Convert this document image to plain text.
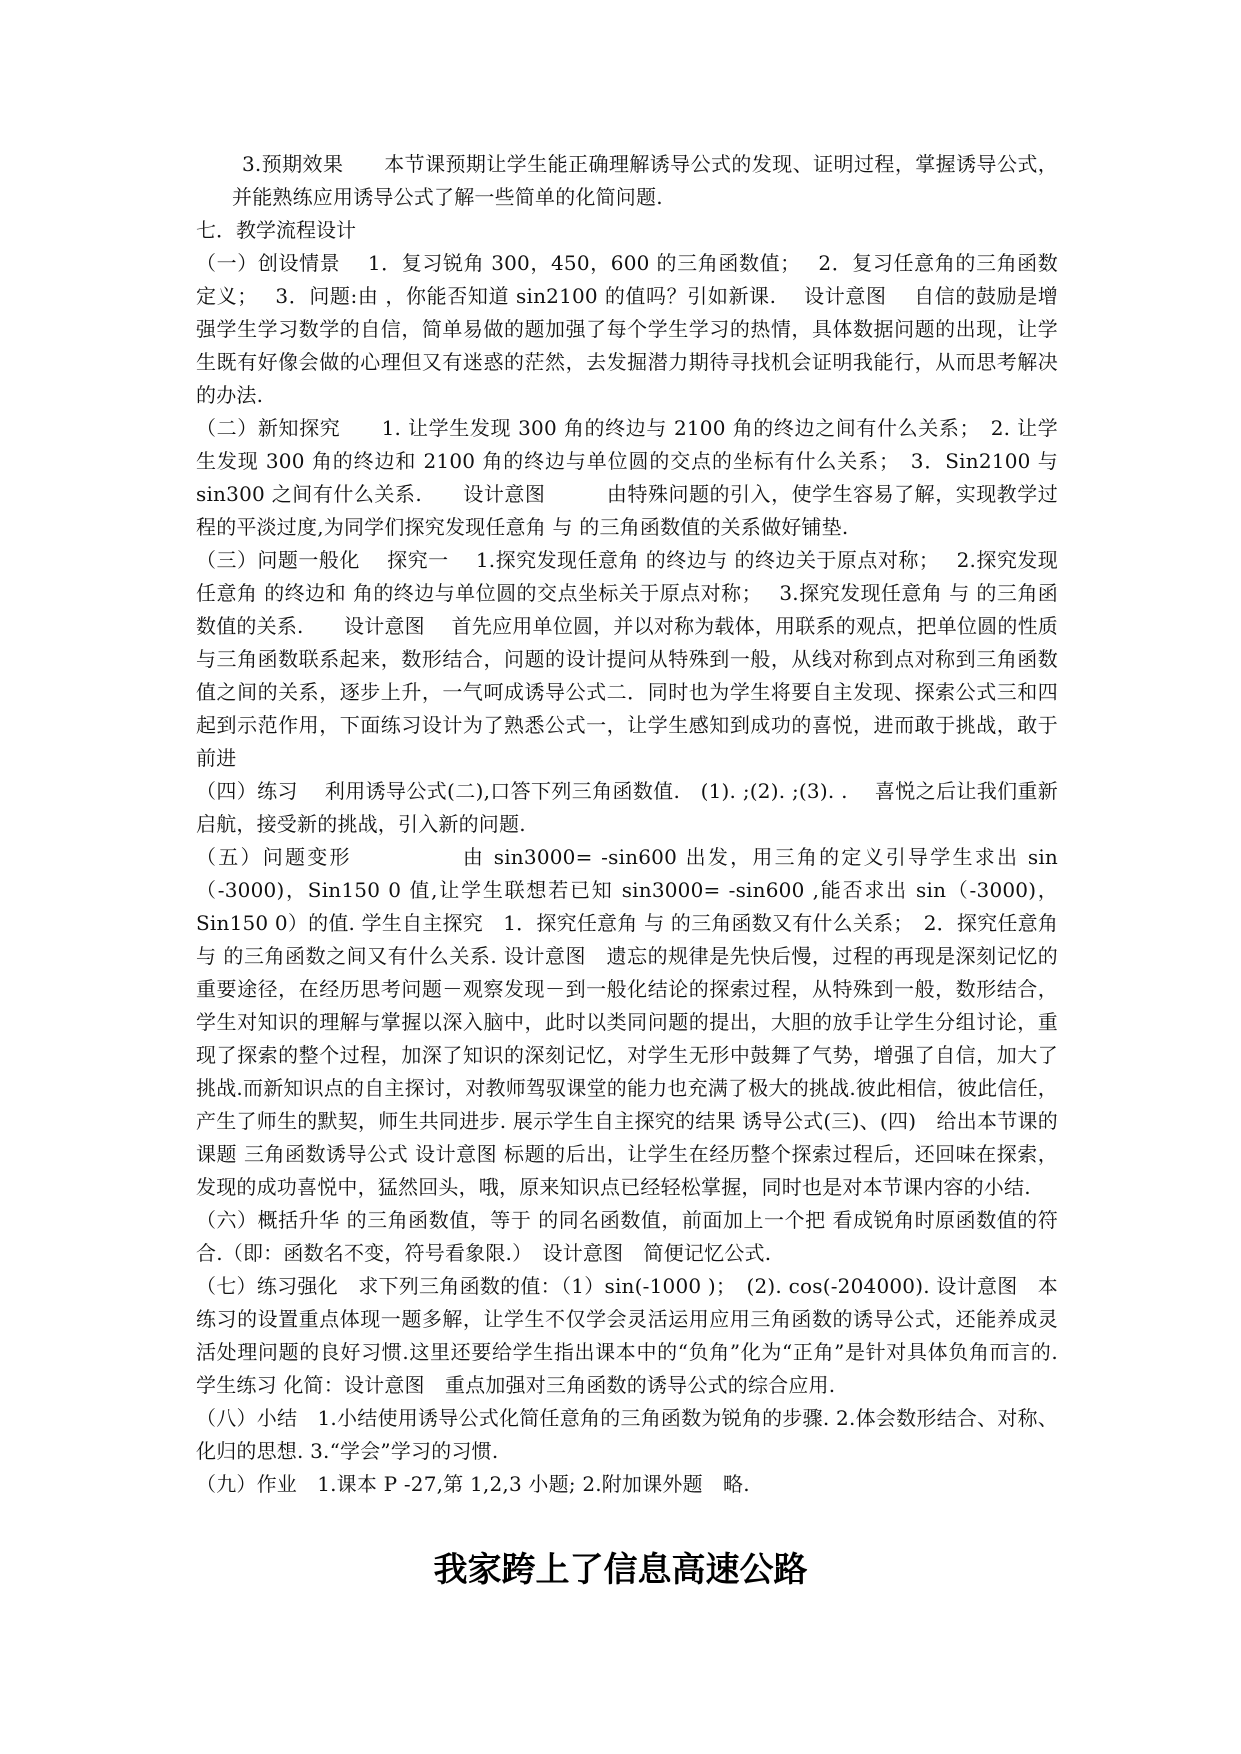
3.预期效果　　本节课预期让学生能正确理解诱导公式的发现、证明过程，掌握诱导公式，并能熟练应用诱导公式了解一些简单的化简问题.

七．教学流程设计

（一）创设情景　 1．复习锐角 300，450，600 的三角函数值；　 2．复习任意角的三角函数定义；　 3．问题:由 ，你能否知道 sin2100 的值吗？引如新课.　 设计意图　 自信的鼓励是增强学生学习数学的自信，简单易做的题加强了每个学生学习的热情，具体数据问题的出现，让学生既有好像会做的心理但又有迷惑的茫然，去发掘潜力期待寻找机会证明我能行，从而思考解决的办法.

（二）新知探究　　1. 让学生发现 300 角的终边与 2100 角的终边之间有什么关系；　2. 让学生发现 300 角的终边和 2100 角的终边与单位圆的交点的坐标有什么关系；　3．Sin2100 与 sin300 之间有什么关系.　　设计意图　　　由特殊问题的引入，使学生容易了解，实现教学过程的平淡过度,为同学们探究发现任意角 与 的三角函数值的关系做好铺垫.

（三）问题一般化　 探究一　 1.探究发现任意角 的终边与 的终边关于原点对称；　 2.探究发现任意角 的终边和 角的终边与单位圆的交点坐标关于原点对称；　 3.探究发现任意角 与 的三角函数值的关系.　　设计意图　 首先应用单位圆，并以对称为载体，用联系的观点，把单位圆的性质与三角函数联系起来，数形结合，问题的设计提问从特殊到一般，从线对称到点对称到三角函数值之间的关系，逐步上升，一气呵成诱导公式二．同时也为学生将要自主发现、探索公式三和四起到示范作用，下面练习设计为了熟悉公式一，让学生感知到成功的喜悦，进而敢于挑战，敢于前进

（四）练习　 利用诱导公式(二),口答下列三角函数值.　(1). ;(2). ;(3). .　 喜悦之后让我们重新启航，接受新的挑战，引入新的问题.

（五）问题变形　　　　　由 sin3000= -sin600 出发，用三角的定义引导学生求出 sin（-3000)，Sin150 0 值,让学生联想若已知 sin3000= -sin600 ,能否求出 sin（-3000)，Sin150 0）的值. 学生自主探究　1．探究任意角 与 的三角函数又有什么关系；　2．探究任意角 与 的三角函数之间又有什么关系. 设计意图　遗忘的规律是先快后慢，过程的再现是深刻记忆的重要途径，在经历思考问题－观察发现－到一般化结论的探索过程，从特殊到一般，数形结合，学生对知识的理解与掌握以深入脑中，此时以类同问题的提出，大胆的放手让学生分组讨论，重现了探索的整个过程，加深了知识的深刻记忆，对学生无形中鼓舞了气势，增强了自信，加大了挑战.而新知识点的自主探讨，对教师驾驭课堂的能力也充满了极大的挑战.彼此相信，彼此信任，产生了师生的默契，师生共同进步. 展示学生自主探究的结果 诱导公式(三)、(四)　给出本节课的课题 三角函数诱导公式 设计意图 标题的后出，让学生在经历整个探索过程后，还回味在探索，发现的成功喜悦中，猛然回头，哦，原来知识点已经轻松掌握，同时也是对本节课内容的小结.

（六）概括升华 的三角函数值，等于 的同名函数值，前面加上一个把 看成锐角时原函数值的符合.（即：函数名不变，符号看象限.）　设计意图　简便记忆公式.

（七）练习强化　求下列三角函数的值：（1）sin(-1000 )；　(2). cos(-204000). 设计意图　本练习的设置重点体现一题多解，让学生不仅学会灵活运用应用三角函数的诱导公式，还能养成灵活处理问题的良好习惯.这里还要给学生指出课本中的“负角”化为“正角”是针对具体负角而言的. 学生练习 化简：设计意图　重点加强对三角函数的诱导公式的综合应用.

（八）小结　1.小结使用诱导公式化简任意角的三角函数为锐角的步骤. 2.体会数形结合、对称、化归的思想. 3.“学会”学习的习惯.

（九）作业　1.课本 P -27,第 1,2,3 小题; 2.附加课外题　略.

我家跨上了信息高速公路
